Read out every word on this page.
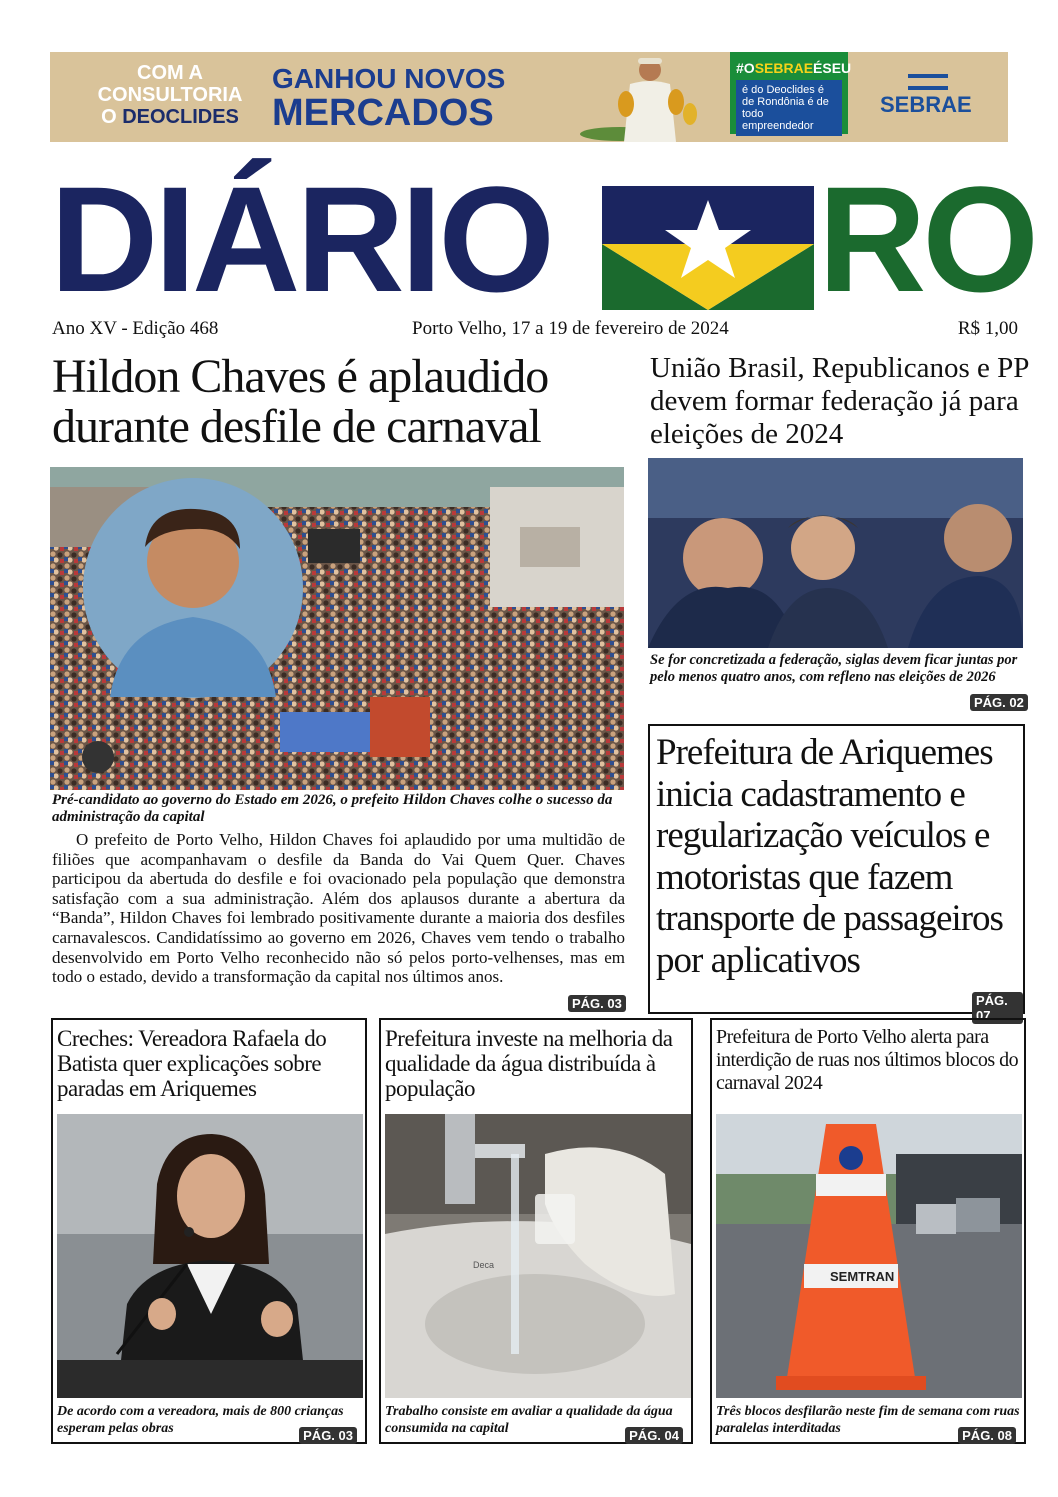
COM A
CONSULTORIA
O DEOCLIDES
GANHOU NOVOS
MERCADOS
#OSEBRAEÉSEU
é do Deoclides é de Rondônia é de todo empreendedor
SEBRAE
DIÁRIO RO
Ano XV - Edição 468	Porto Velho, 17 a 19 de fevereiro de 2024	R$ 1,00
Hildon Chaves é aplaudido durante desfile de carnaval
Pré-candidato ao governo do Estado em 2026, o prefeito Hildon Chaves colhe o sucesso da administração da capital

O prefeito de Porto Velho, Hildon Chaves foi aplaudido por uma multidão de filiões que acompanhavam o desfile da Banda do Vai Quem Quer. Chaves participou da abertuda do desfile e foi ovacionado pela população que demonstra satisfação com a sua administração. Além dos aplausos durante a abertura da “Banda”, Hildon Chaves foi lembrado positivamente durante a maioria dos desfiles carnavalescos. Candidatíssimo ao governo em 2026, Chaves vem tendo o trabalho desenvolvido em Porto Velho reconhecido não só pelos porto-velhenses, mas em todo o estado, devido a transformação da capital nos últimos anos.

PÁG. 03
União Brasil, Republicanos e PP devem formar federação já para eleições de 2024
Se for concretizada a federação, siglas devem ficar juntas por pelo menos quatro anos, com refleno nas eleições de 2026
PÁG. 02
Prefeitura de Ariquemes inicia cadastramento e regularização veículos e motoristas que fazem transporte de passageiros por aplicativos
PÁG. 07
Creches: Vereadora Rafaela do Batista quer explicações sobre paradas em Ariquemes
De acordo com a vereadora, mais de 800 crianças esperam pelas obras	PÁG. 03
Prefeitura investe na melhoria da qualidade da água distribuída à população
Deca
Trabalho consiste em avaliar a qualidade da água consumida na capital	PÁG. 04
Prefeitura de Porto Velho alerta para interdição de ruas nos últimos blocos do carnaval 2024
SEMTRAN
Três blocos desfilarão neste fim de semana com ruas paralelas interditadas	PÁG. 08
